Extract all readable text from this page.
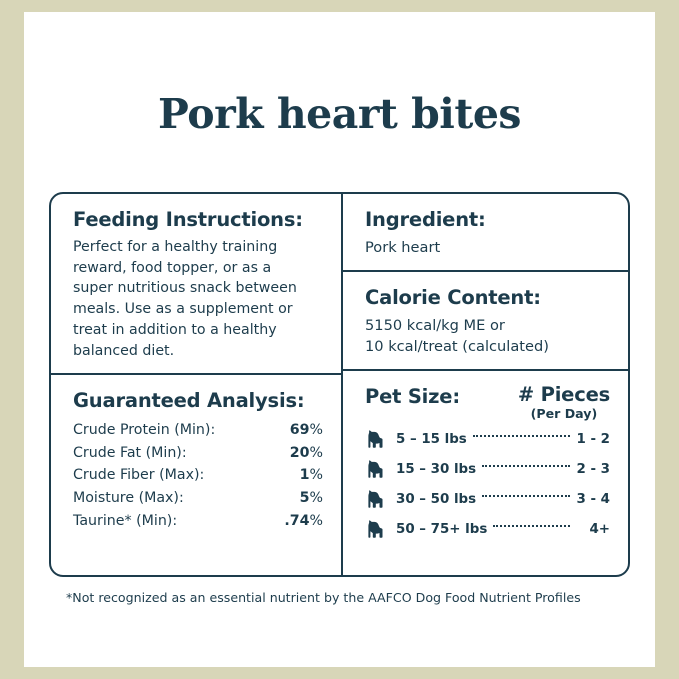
Pork heart bites
Feeding Instructions:
Perfect for a healthy training reward, food topper, or as a super nutritious snack between meals. Use as a supplement or treat in addition to a healthy balanced diet.
Guaranteed Analysis:
Crude Protein (Min):	69%
Crude Fat (Min):	20%
Crude Fiber (Max):	1%
Moisture (Max):	5%
Taurine* (Min):	.74%
Ingredient:
Pork heart
Calorie Content:
5150 kcal/kg ME or
10 kcal/treat (calculated)
Pet Size:	# Pieces
(Per Day)
5 – 15 lbs	1 - 2
15 – 30 lbs	2 - 3
30 – 50 lbs	3 - 4
50 – 75+ lbs	4+
*Not recognized as an essential nutrient by the AAFCO Dog Food Nutrient Profiles
